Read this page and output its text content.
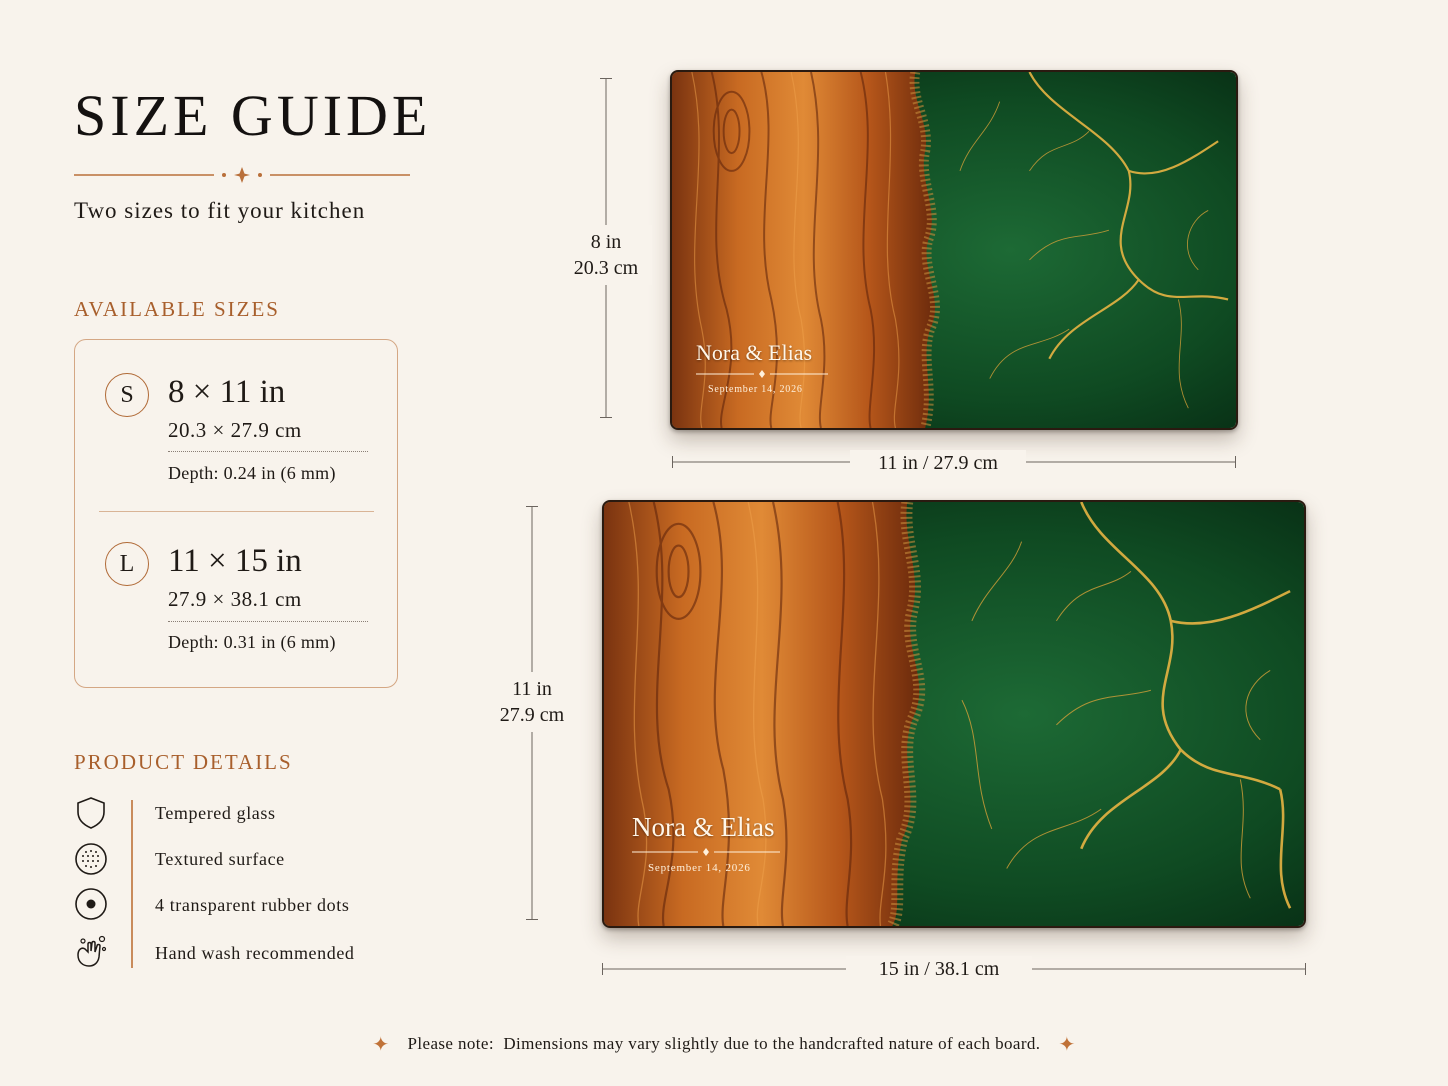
SIZE GUIDE
Two sizes to fit your kitchen
AVAILABLE SIZES
S	8 × 11 in
20.3 × 27.9 cm
Depth: 0.24 in (6 mm)
L	11 × 15 in
27.9 × 38.1 cm
Depth: 0.31 in (6 mm)
PRODUCT DETAILS
Tempered glass
Textured surface
4 transparent rubber dots
Hand wash recommended
Nora & Elias
September 14, 2026
8 in
20.3 cm
11 in / 27.9 cm
Nora & Elias
September 14, 2026
11 in
27.9 cm
15 in / 38.1 cm
✦ Please note: Dimensions may vary slightly due to the handcrafted nature of each board. ✦
